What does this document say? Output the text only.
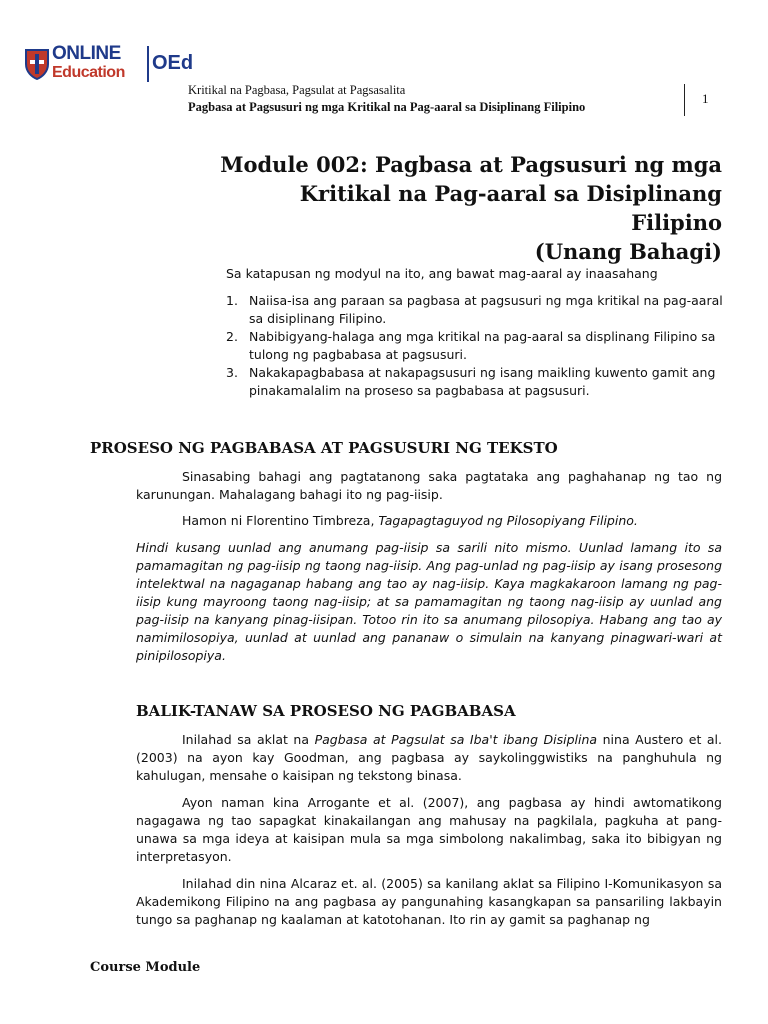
ONLINE
Education OEd
Kritikal na Pagbasa, Pagsulat at Pagsasalita
Pagbasa at Pagsusuri ng mga Kritikal na Pag-aaral sa Disiplinang Filipino
1
Module 002: Pagbasa at Pagsusuri ng mga
Kritikal na Pag-aaral sa Disiplinang Filipino
(Unang Bahagi)
Sa katapusan ng modyul na ito, ang bawat mag-aaral ay inaasahang
1. Naiisa-isa ang paraan sa pagbasa at pagsusuri ng mga kritikal na pag-aaral sa disiplinang Filipino.
2. Nabibigyang-halaga ang mga kritikal na pag-aaral sa displinang Filipino sa tulong ng pagbabasa at pagsusuri.
3. Nakakapagbabasa at nakapagsusuri ng isang maikling kuwento gamit ang pinakamalalim na proseso sa pagbabasa at pagsusuri.
PROSESO NG PAGBABASA AT PAGSUSURI NG TEKSTO

Sinasabing bahagi ang pagtatanong saka pagtataka ang paghahanap ng tao ng karunungan. Mahalagang bahagi ito ng pag-iisip.

Hamon ni Florentino Timbreza, Tagapagtaguyod ng Pilosopiyang Filipino.

Hindi kusang uunlad ang anumang pag-iisip sa sarili nito mismo. Uunlad lamang ito sa pamamagitan ng pag-iisip ng taong nag-iisip. Ang pag-unlad ng pag-iisip ay isang prosesong intelektwal na nagaganap habang ang tao ay nag-iisip. Kaya magkakaroon lamang ng pag-iisip kung mayroong taong nag-iisip; at sa pamamagitan ng taong nag-iisip ay uunlad ang pag-iisip na kanyang pinag-iisipan. Totoo rin ito sa anumang pilosopiya. Habang ang tao ay namimilosopiya, uunlad at uunlad ang pananaw o simulain na kanyang pinagwari-wari at pinipilosopiya.

BALIK-TANAW SA PROSESO NG PAGBABASA

Inilahad sa aklat na Pagbasa at Pagsulat sa Iba't ibang Disiplina nina Austero et al.(2003) na ayon kay Goodman, ang pagbasa ay saykolinggwistiks na panghuhula ng kahulugan, mensahe o kaisipan ng tekstong binasa.

Ayon naman kina Arrogante et al. (2007), ang pagbasa ay hindi awtomatikong nagagawa ng tao sapagkat kinakailangan ang mahusay na pagkilala, pagkuha at pang-unawa sa mga ideya at kaisipan mula sa mga simbolong nakalimbag, saka ito bibigyan ng interpretasyon.

Inilahad din nina Alcaraz et. al. (2005) sa kanilang aklat sa Filipino I-Komunikasyon sa Akademikong Filipino na ang pagbasa ay pangunahing kasangkapan sa pansariling lakbayin tungo sa paghanap ng kaalaman at katotohanan. Ito rin ay gamit sa paghanap ng

Course Module
